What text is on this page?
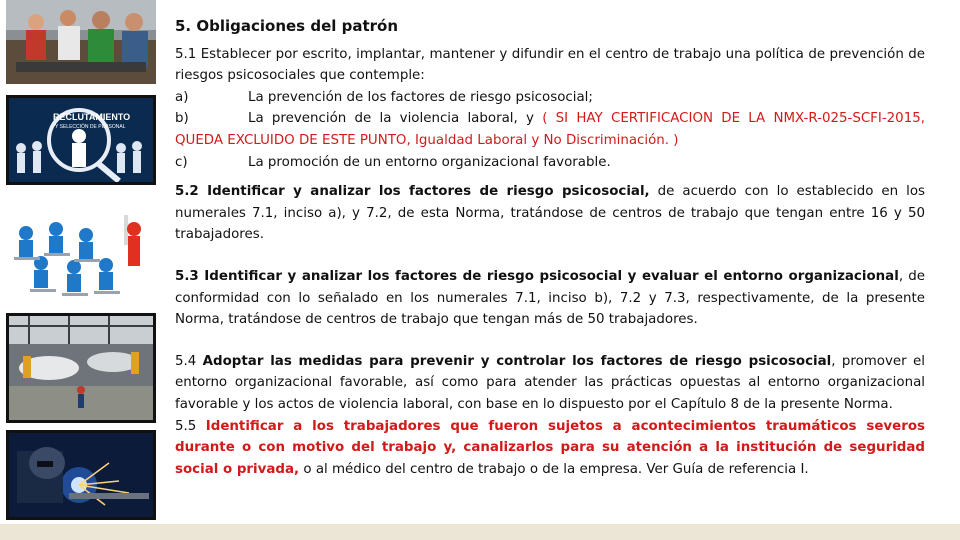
RECLUTAMIENTO
Y SELECCIÓN DE PERSONAL
5. Obligaciones del patrón

5.1 Establecer por escrito, implantar, mantener y difundir en el centro de trabajo una política de prevención de riesgos psicosociales que contemple:

a)	La prevención de los factores de riesgo psicosocial;
b)	La prevención de la violencia laboral, y ( SI HAY CERTIFICACION DE LA NMX-R-025-SCFI-2015, QUEDA EXCLUIDO DE ESTE PUNTO, Igualdad Laboral y No Discriminación. )
c)	La promoción de un entorno organizacional favorable.

5.2 Identificar y analizar los factores de riesgo psicosocial, de acuerdo con lo establecido en los numerales 7.1, inciso a), y 7.2, de esta Norma, tratándose de centros de trabajo que tengan entre 16 y 50 trabajadores.

5.3 Identificar y analizar los factores de riesgo psicosocial y evaluar el entorno organizacional, de conformidad con lo señalado en los numerales 7.1, inciso b), 7.2 y 7.3, respectivamente, de la presente Norma, tratándose de centros de trabajo que tengan más de 50 trabajadores.

5.4 Adoptar las medidas para prevenir y controlar los factores de riesgo psicosocial, promover el entorno organizacional favorable, así como para atender las prácticas opuestas al entorno organizacional favorable y los actos de violencia laboral, con base en lo dispuesto por el Capítulo 8 de la presente Norma.

5.5 Identificar a los trabajadores que fueron sujetos a acontecimientos traumáticos severos durante o con motivo del trabajo y, canalizarlos para su atención a la institución de seguridad social o privada, o al médico del centro de trabajo o de la empresa. Ver Guía de referencia I.
